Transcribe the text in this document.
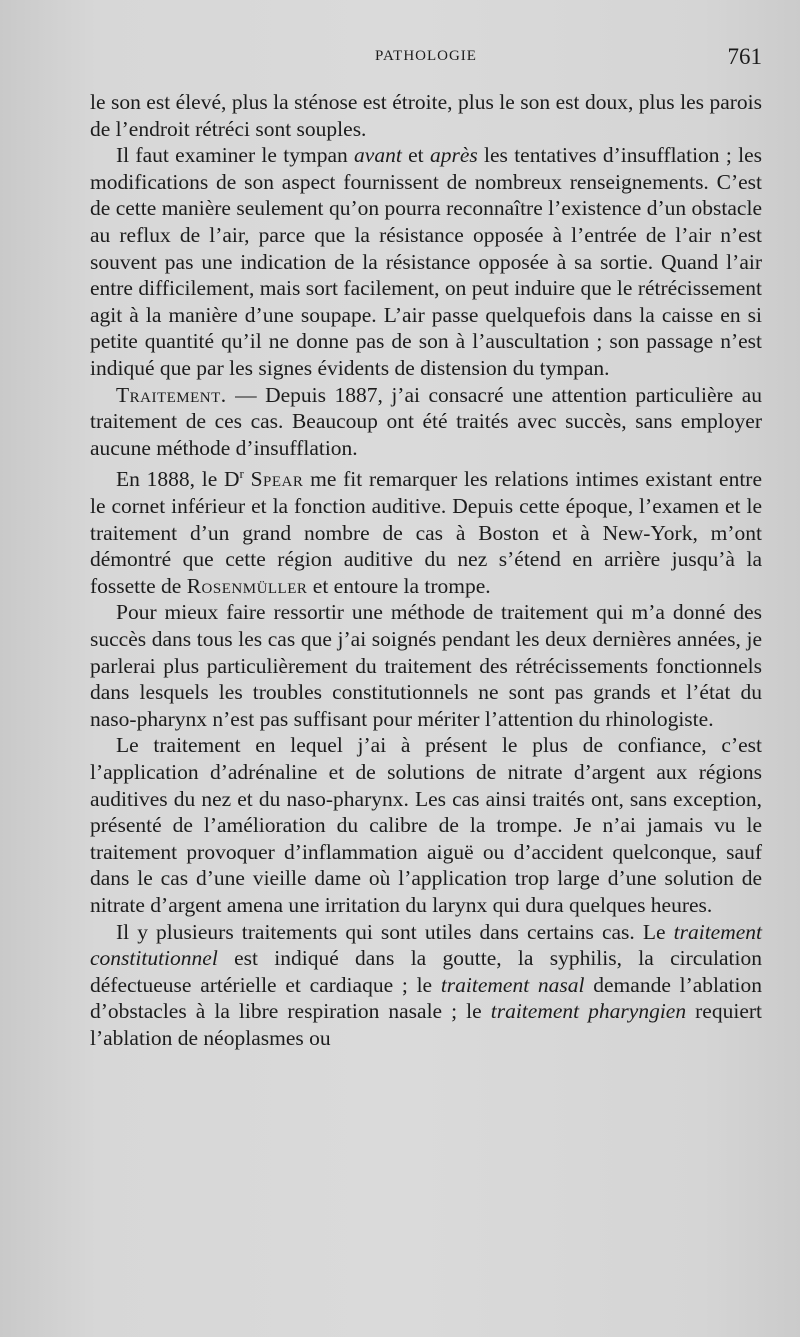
PATHOLOGIE	761

le son est élevé, plus la sténose est étroite, plus le son est doux, plus les parois de l’endroit rétréci sont souples.

Il faut examiner le tympan avant et après les tentatives d’insufflation ; les modifications de son aspect fournissent de nombreux renseignements. C’est de cette manière seulement qu’on pourra reconnaître l’existence d’un obstacle au reflux de l’air, parce que la résistance opposée à l’entrée de l’air n’est souvent pas une indication de la résistance opposée à sa sortie. Quand l’air entre difficilement, mais sort facilement, on peut induire que le rétrécissement agit à la manière d’une soupape. L’air passe quelquefois dans la caisse en si petite quantité qu’il ne donne pas de son à l’auscultation ; son passage n’est indiqué que par les signes évidents de distension du tympan.

Traitement. — Depuis 1887, j’ai consacré une attention particulière au traitement de ces cas. Beaucoup ont été traités avec succès, sans employer aucune méthode d’insufflation.

En 1888, le $D^r$ Spear me fit remarquer les relations intimes existant entre le cornet inférieur et la fonction auditive. Depuis cette époque, l’examen et le traitement d’un grand nombre de cas à Boston et à New-York, m’ont démontré que cette région auditive du nez s’étend en arrière jusqu’à la fossette de Rosenmüller et entoure la trompe.

Pour mieux faire ressortir une méthode de traitement qui m’a donné des succès dans tous les cas que j’ai soignés pendant les deux dernières années, je parlerai plus particulièrement du traitement des rétrécissements fonctionnels dans lesquels les troubles constitutionnels ne sont pas grands et l’état du naso-pharynx n’est pas suffisant pour mériter l’attention du rhinologiste.

Le traitement en lequel j’ai à présent le plus de confiance, c’est l’application d’adrénaline et de solutions de nitrate d’argent aux régions auditives du nez et du naso-pharynx. Les cas ainsi traités ont, sans exception, présenté de l’amélioration du calibre de la trompe. Je n’ai jamais vu le traitement provoquer d’inflammation aiguë ou d’accident quelconque, sauf dans le cas d’une vieille dame où l’application trop large d’une solution de nitrate d’argent amena une irritation du larynx qui dura quelques heures.

Il y plusieurs traitements qui sont utiles dans certains cas. Le traitement constitutionnel est indiqué dans la goutte, la syphilis, la circulation défectueuse artérielle et cardiaque ; le traitement nasal demande l’ablation d’obstacles à la libre respiration nasale ; le traitement pharyngien requiert l’ablation de néoplasmes ou
